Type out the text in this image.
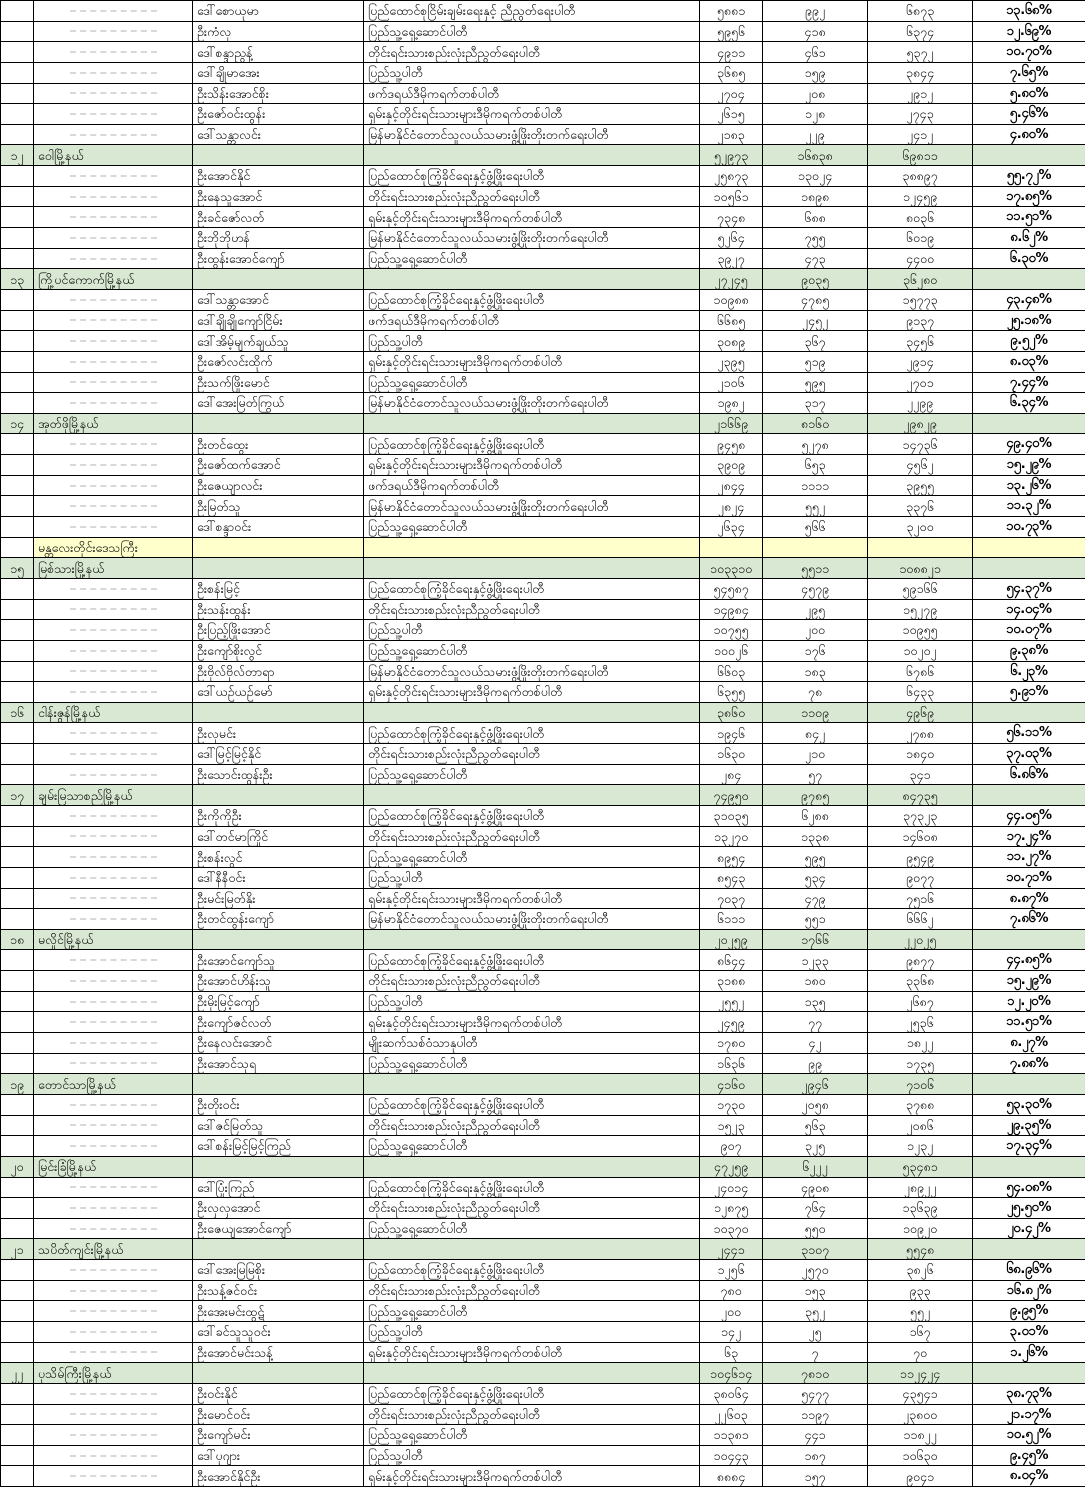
	ဒေါ်စောယုမာ	ပြည်ထောင်စုငြိမ်းချမ်းရေးနှင့် ညီညွတ်ရေးပါတီ	၅၈၈၁	၉၉၂	၆၈၇၃	၁၃.၆၈%

	ဦးကံလှ	ပြည်သူ့ရှေ့ဆောင်ပါတီ	၅၉၅၆	၄၁၈	၆၃၇၄	၁၂.၆၉%

	ဒေါ်စန္ဒာညွန့်	တိုင်းရင်းသားစည်းလုံးညီညွတ်ရေးပါတီ	၄၉၁၁	၄၆၁	၅၃၇၂	၁၀.၇၀%

	ဒေါ်ချိုမာအေး	ပြည်သူ့ပါတီ	၃၆၈၅	၁၅၉	၃၈၄၄	၇.၆၅%

	ဦးသိန်းအောင်စိုး	ဖက်ဒရယ်ဒီမိုကရက်တစ်ပါတီ	၂၇၀၄	၂၀၈	၂၉၁၂	၅.၈၀%

	ဦးဇော်ဝင်းထွန်း	ရှမ်းနှင့်တိုင်းရင်းသားများဒီမိုကရက်တစ်ပါတီ	၂၆၁၅	၁၂၈	၂၇၄၃	၅.၄၆%

	ဒေါ်သန္တာလင်း	မြန်မာနိုင်ငံတောင်သူလယ်သမားဖွံ့ဖြိုးတိုးတက်ရေးပါတီ	၂၁၈၃	၂၂၉	၂၄၁၂	၄.၈၀%
၁၂	ဝေါမြို့နယ်			၅၂၉၇၃	၁၆၈၃၈	၆၉၈၁၁	

	ဦးအောင်နိုင်	ပြည်ထောင်စုကြံ့ခိုင်ရေးနှင့်ဖွံ့ဖြိုးရေးပါတီ	၂၅၈၇၃	၁၃၀၂၄	၃၈၈၉၇	၅၅.၇၂%

	ဦးနေသူအောင်	တိုင်းရင်းသားစည်းလုံးညီညွတ်ရေးပါတီ	၁၀၅၆၁	၁၈၉၈	၁၂၄၅၉	၁၇.၈၅%

	ဦးခင်ဇော်လတ်	ရှမ်းနှင့်တိုင်းရင်းသားများဒီမိုကရက်တစ်ပါတီ	၇၃၄၈	၆၈၈	၈၀၃၆	၁၁.၅၁%

	ဦးဘိုဘိုဟန်	မြန်မာနိုင်ငံတောင်သူလယ်သမားဖွံ့ဖြိုးတိုးတက်ရေးပါတီ	၅၂၆၄	၇၅၅	၆၀၁၉	၈.၆၂%

	ဦးထွန်းအောင်ကျော်	ပြည်သူ့ရှေ့ဆောင်ပါတီ	၃၉၂၇	၄၇၃	၄၄၀၀	၆.၃၀%
၁၃	ကြို့ပင်ကောက်မြို့နယ်			၂၇၂၄၅	၉၀၃၅	၃၆၂၈၀	

	ဒေါ်သန္တာအောင်	ပြည်ထောင်စုကြံ့ခိုင်ရေးနှင့်ဖွံ့ဖြိုးရေးပါတီ	၁၀၉၈၈	၄၇၈၅	၁၅၇၇၃	၄၃.၄၈%

	ဒေါ်ချိုချိုကျော်ငြိမ်း	ဖက်ဒရယ်ဒီမိုကရက်တစ်ပါတီ	၆၆၈၅	၂၄၅၂	၉၁၃၇	၂၅.၁၈%

	ဒေါ်အိမ့်မျက်ချယ်သူ	ပြည်သူ့ပါတီ	၃၀၈၉	၃၆၇	၃၄၅၆	၉.၅၂%

	ဦးဇော်လင်းထိုက်	ရှမ်းနှင့်တိုင်းရင်းသားများဒီမိုကရက်တစ်ပါတီ	၂၃၉၅	၅၁၉	၂၉၁၄	၈.၀၃%

	ဦးသက်ဖြိုးမောင်	ပြည်သူ့ရှေ့ဆောင်ပါတီ	၂၁၀၆	၅၉၅	၂၇၀၁	၇.၄၄%

	ဒေါ်အေးမြတ်ကြွယ်	မြန်မာနိုင်ငံတောင်သူလယ်သမားဖွံ့ဖြိုးတိုးတက်ရေးပါတီ	၁၉၈၂	၃၁၇	၂၂၉၉	၆.၃၄%
၁၄	အုတ်ဖိုမြို့နယ်			၂၁၆၆၉	၈၁၆၀	၂၉၈၂၉	

	ဦးတင်ထွေး	ပြည်ထောင်စုကြံ့ခိုင်ရေးနှင့်ဖွံ့ဖြိုးရေးပါတီ	၉၄၅၈	၅၂၇၈	၁၄၇၃၆	၄၉.၄၀%

	ဦးဇော်ထက်အောင်	ရှမ်းနှင့်တိုင်းရင်းသားများဒီမိုကရက်တစ်ပါတီ	၃၉၀၉	၆၅၃	၄၅၆၂	၁၅.၂၉%

	ဦးဇေယျာလင်း	ဖက်ဒရယ်ဒီမိုကရက်တစ်ပါတီ	၂၈၄၄	၁၁၁၁	၃၉၅၅	၁၃.၂၆%

	ဦးမြတ်သူ	မြန်မာနိုင်ငံတောင်သူလယ်သမားဖွံ့ဖြိုးတိုးတက်ရေးပါတီ	၂၈၂၄	၅၅၂	၃၃၇၆	၁၁.၃၂%

	ဒေါ်စန္ဒာဝင်း	ပြည်သူ့ရှေ့ဆောင်ပါတီ	၂၆၃၄	၅၆၆	၃၂၀၀	၁၀.၇၃%
	မန္တလေးတိုင်းဒေသကြီး						
၁၅	မြစ်သားမြို့နယ်			၁၀၃၃၁၀	၅၅၁၁	၁၀၈၈၂၁	

	ဦးစန်းမြင့်	ပြည်ထောင်စုကြံ့ခိုင်ရေးနှင့်ဖွံ့ဖြိုးရေးပါတီ	၅၄၅၈၇	၄၅၇၉	၅၉၁၆၆	၅၄.၃၇%

	ဦးသန်းထွန်း	တိုင်းရင်းသားစည်းလုံးညီညွတ်ရေးပါတီ	၁၄၉၈၄	၂၉၅	၁၅၂၇၉	၁၄.၀၄%

	ဦးပြည့်ဖြိုးအောင်	ပြည်သူ့ပါတီ	၁၀၇၅၅	၂၀၀	၁၀၉၅၅	၁၀.၀၇%

	ဦးကျော်စိုးလွင်	ပြည်သူ့ရှေ့ဆောင်ပါတီ	၁၀၀၂၆	၁၇၆	၁၀၂၀၂	၉.၃၈%

	ဦးဗိုလ်ဗိုလ်တာရာ	မြန်မာနိုင်ငံတောင်သူလယ်သမားဖွံ့ဖြိုးတိုးတက်ရေးပါတီ	၆၆၀၃	၁၈၃	၆၇၈၆	၆.၂၃%

	ဒေါ်ယဉ်ယဉ်မော်	ရှမ်းနှင့်တိုင်းရင်းသားများဒီမိုကရက်တစ်ပါတီ	၆၃၅၅	၇၈	၆၄၃၃	၅.၉၁%
၁၆	ငါန်းဇွန်မြို့နယ်			၃၈၆၀	၁၁၀၉	၄၉၆၉	

	ဦးလှမင်း	ပြည်ထောင်စုကြံ့ခိုင်ရေးနှင့်ဖွံ့ဖြိုးရေးပါတီ	၁၉၄၆	၈၄၂	၂၇၈၈	၅၆.၁၁%

	ဒေါ်မြင့်မြင့်နိုင်	တိုင်းရင်းသားစည်းလုံးညီညွတ်ရေးပါတီ	၁၆၃၀	၂၁၀	၁၈၄၀	၃၇.၀၃%

	ဦးသောင်းထွန်းဦး	ပြည်သူ့ရှေ့ဆောင်ပါတီ	၂၈၄	၅၇	၃၄၁	၆.၈၆%
၁၇	ချမ်းမြသာစည်မြို့နယ်			၇၄၉၅၀	၉၇၈၅	၈၄၇၃၅	

	ဦးကိုကိုဦး	ပြည်ထောင်စုကြံ့ခိုင်ရေးနှင့်ဖွံ့ဖြိုးရေးပါတီ	၃၁၀၃၅	၆၂၈၈	၃၇၃၂၃	၄၄.၀၅%

	ဒေါ်တင်မာကြိုင်	တိုင်းရင်းသားစည်းလုံးညီညွတ်ရေးပါတီ	၁၃၂၇၀	၁၃၃၈	၁၄၆၀၈	၁၇.၂၄%

	ဦးစန်းလွင်	ပြည်သူ့ရှေ့ဆောင်ပါတီ	၈၉၅၄	၅၉၅	၉၅၄၉	၁၁.၂၇%

	ဒေါ်နီနီဝင်း	ပြည်သူ့ပါတီ	၈၅၄၃	၅၃၄	၉၀၇၇	၁၀.၇၁%

	ဦးမင်းမြတ်နိုး	ရှမ်းနှင့်တိုင်းရင်းသားများဒီမိုကရက်တစ်ပါတီ	၇၀၃၇	၄၇၉	၇၅၁၆	၈.၈၇%

	ဦးတင်ထွန်းကျော်	မြန်မာနိုင်ငံတောင်သူလယ်သမားဖွံ့ဖြိုးတိုးတက်ရေးပါတီ	၆၁၁၁	၅၅၁	၆၆၆၂	၇.၈၆%
၁၈	မလှိုင်မြို့နယ်			၂၀၂၅၉	၁၇၆၆	၂၂၀၂၅	

	ဦးအောင်ကျော်သူ	ပြည်ထောင်စုကြံ့ခိုင်ရေးနှင့်ဖွံ့ဖြိုးရေးပါတီ	၈၆၄၄	၁၂၃၃	၉၈၇၇	၄၄.၈၅%

	ဦးအောင်ဟိန်းသူ	တိုင်းရင်းသားစည်းလုံးညီညွတ်ရေးပါတီ	၃၁၈၈	၁၈၀	၃၃၆၈	၁၅.၂၉%

	ဦးမိုးမြင့်ကျော်	ပြည်သူ့ပါတီ	၂၅၅၂	၁၃၅	၂၆၈၇	၁၂.၂၀%

	ဦးကျော်ဇင်လတ်	ရှမ်းနှင့်တိုင်းရင်းသားများဒီမိုကရက်တစ်ပါတီ	၂၄၅၉	၇၇	၂၅၃၆	၁၁.၅၁%

	ဦးနေလင်းအောင်	မျိုးဆက်သစ်ဝံသာနုပါတီ	၁၇၈၀	၄၂	၁၈၂၂	၈.၂၇%

	ဦးအောင်သုရ	ပြည်သူ့ရှေ့ဆောင်ပါတီ	၁၆၃၆	၉၉	၁၇၃၅	၇.၈၈%
၁၉	တောင်သာမြို့နယ်			၄၁၆၀	၂၉၄၆	၇၁၀၆	

	ဦးတိုးဝင်း	ပြည်ထောင်စုကြံ့ခိုင်ရေးနှင့်ဖွံ့ဖြိုးရေးပါတီ	၁၇၃၀	၂၀၅၈	၃၇၈၈	၅၃.၃၀%

	ဒေါ်ဇင်မြတ်သူ	တိုင်းရင်းသားစည်းလုံးညီညွတ်ရေးပါတီ	၁၅၂၃	၅၆၃	၂၀၈၆	၂၉.၃၅%

	ဒေါ်စန်းမြင့်မြင့်ကြည်	ပြည်သူ့ရှေ့ဆောင်ပါတီ	၉၀၇	၃၂၅	၁၂၃၂	၁၇.၃၄%
၂၀	မြင်းခြံမြို့နယ်			၄၇၂၅၉	၆၂၂၂	၅၃၄၈၁	

	ဒေါ်ပြုံးကြည်	ပြည်ထောင်စုကြံ့ခိုင်ရေးနှင့်ဖွံ့ဖြိုးရေးပါတီ	၂၄၀၁၄	၄၉၀၈	၂၈၉၂၂	၅၄.၀၈%

	ဦးလှလှအောင်	တိုင်းရင်းသားစည်းလုံးညီညွတ်ရေးပါတီ	၁၂၈၇၅	၇၆၄	၁၃၆၃၉	၂၅.၅၀%

	ဦးဇေယျအောင်ကျော်	ပြည်သူ့ရှေ့ဆောင်ပါတီ	၁၀၃၇၀	၅၅၀	၁၀၉၂၀	၂၀.၄၂%
၂၁	သပိတ်ကျင်းမြို့နယ်			၂၄၄၁	၃၁၀၇	၅၅၄၈	

	ဒေါ်အေးမြမြစိုး	ပြည်ထောင်စုကြံ့ခိုင်ရေးနှင့်ဖွံ့ဖြိုးရေးပါတီ	၁၂၅၆	၂၅၇၀	၃၈၂၆	၆၈.၉၆%

	ဦးသန့်ဇင်ဝင်း	တိုင်းရင်းသားစည်းလုံးညီညွတ်ရေးပါတီ	၇၈၀	၁၅၃	၉၃၃	၁၆.၈၂%

	ဦးအေးမင်းထွဋ်	ပြည်သူ့ရှေ့ဆောင်ပါတီ	၂၀၀	၃၅၂	၅၅၂	၉.၉၅%

	ဒေါ်ခင်သူသူဝင်း	ပြည်သူ့ပါတီ	၁၄၂	၂၅	၁၆၇	၃.၀၁%

	ဦးအောင်မင်းသန့်	ရှမ်းနှင့်တိုင်းရင်းသားများဒီမိုကရက်တစ်ပါတီ	၆၃	၇	၇၀	၁.၂၆%
၂၂	ပုသိမ်ကြီးမြို့နယ်			၁၀၄၆၁၄	၇၈၁၀	၁၁၂၄၂၄	

	ဦးဝင်းနိုင်	ပြည်ထောင်စုကြံ့ခိုင်ရေးနှင့်ဖွံ့ဖြိုးရေးပါတီ	၃၈၀၆၄	၅၄၇၇	၄၃၅၄၁	၃၈.၇၃%

	ဦးမောင်ဝင်း	တိုင်းရင်းသားစည်းလုံးညီညွတ်ရေးပါတီ	၂၂၆၀၃	၁၁၉၇	၂၃၈၀၀	၂၁.၁၇%

	ဦးကျော်မင်း	ပြည်သူ့ရှေ့ဆောင်ပါတီ	၁၁၃၈၁	၄၄၁	၁၁၈၂၂	၁၀.၅၂%

	ဒေါ်ပုဂျား	ပြည်သူ့ပါတီ	၁၀၄၄၃	၁၈၇	၁၀၆၃၀	၉.၄၅%

	ဦးအောင်နိုင်ဦး	ရှမ်းနှင့်တိုင်းရင်းသားများဒီမိုကရက်တစ်ပါတီ	၈၈၈၄	၁၅၇	၉၀၄၁	၈.၀၄%
